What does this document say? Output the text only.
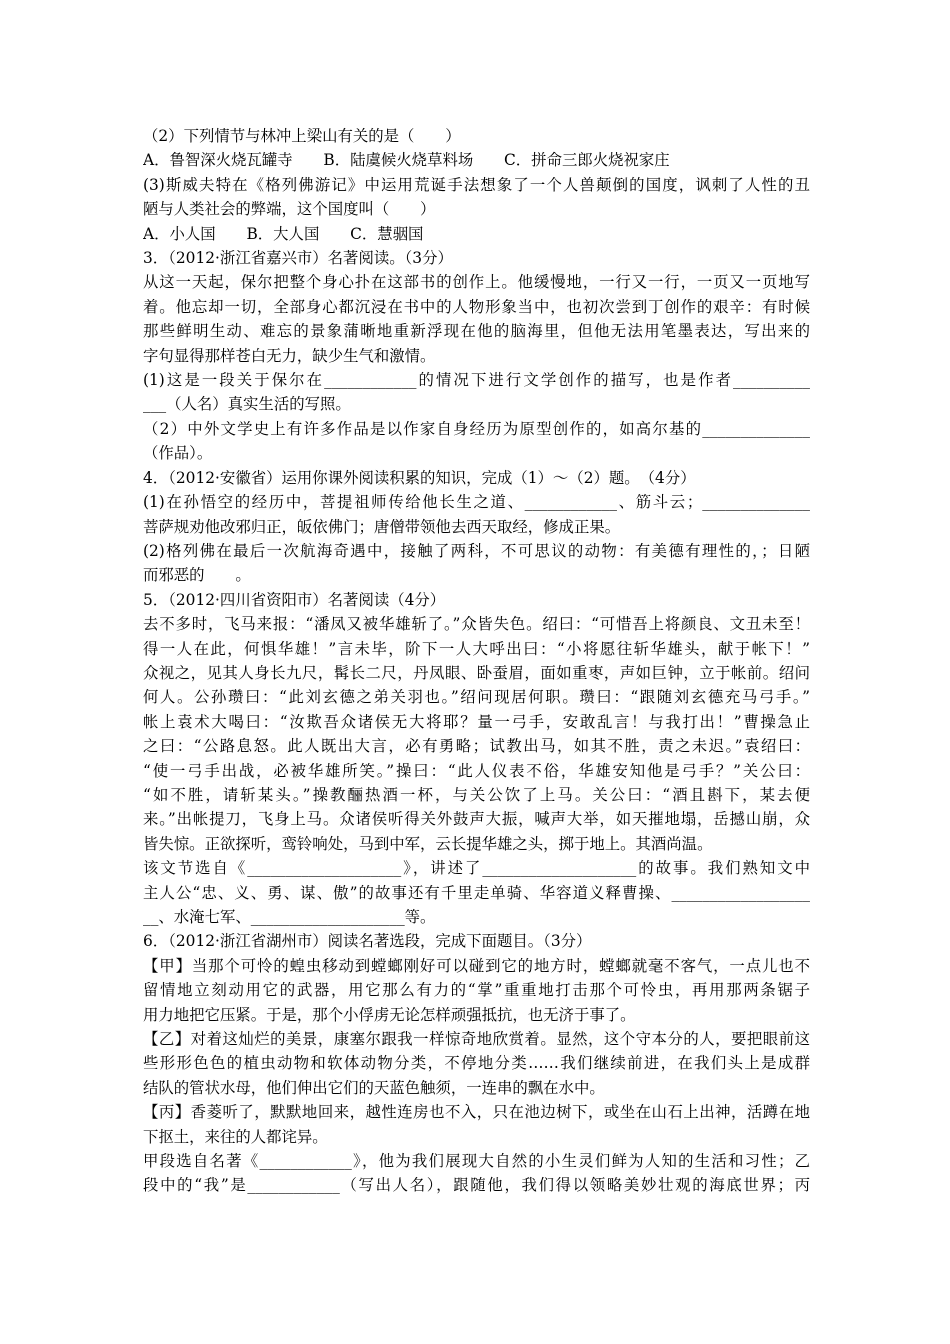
（2）下列情节与林冲上梁山有关的是（　　）
A．鲁智深火烧瓦罐寺　　B．陆虞候火烧草料场　　C．拼命三郎火烧祝家庄
(3)斯威夫特在《格列佛游记》中运用荒诞手法想象了一个人兽颠倒的国度，讽刺了人性的丑
陋与人类社会的弊端，这个国度叫（　　）
A．小人国　　B．大人国　　C．慧骃国
3．（2012·浙江省嘉兴市）名著阅读。（3分）
从这一天起，保尔把整个身心扑在这部书的创作上。他缓慢地，一行又一行，一页又一页地写
着。他忘却一切，全部身心都沉浸在书中的人物形象当中，也初次尝到丁创作的艰辛：有时候
那些鲜明生动、难忘的景象蒲晰地重新浮现在他的脑海里，但他无法用笔墨表达，写出来的
字句显得那样苍白无力，缺少生气和激情。
(1)这是一段关于保尔在____________的情况下进行文学创作的描写，也是作者__________
___（人名）真实生活的写照。
（2）中外文学史上有许多作品是以作家自身经历为原型创作的，如高尔基的______________
（作品）。
4．（2012·安徽省）运用你课外阅读积累的知识，完成（1）～（2）题。　（4分）
(1)在孙悟空的经历中，菩提祖师传给他长生之道、____________、筋斗云；______________
菩萨规劝他改邪归正，皈依佛门；唐僧带领他去西天取经，修成正果。
(2)格列佛在最后一次航海奇遇中，接触了两科，不可思议的动物：有美德有理性的，；日陋
而邪恶的　　。
5．（2012·四川省资阳市）名著阅读（4分）
去不多时，飞马来报：“潘凤又被华雄斩了。”众皆失色。绍曰：“可惜吾上将颜良、文丑未至！
得一人在此，何惧华雄！”言未毕，阶下一人大呼出曰：“小将愿往斩华雄头，献于帐下！”
众视之，见其人身长九尺，髯长二尺，丹凤眼、卧蚕眉，面如重枣，声如巨钟，立于帐前。绍问
何人。公孙瓒曰：“此刘玄德之弟关羽也。”绍问现居何职。瓒曰：“跟随刘玄德充马弓手。”
帐上袁术大喝曰：“汝欺吾众诸侯无大将耶？量一弓手，安敢乱言！与我打出！”曹操急止
之曰：“公路息怒。此人既出大言，必有勇略；试教出马，如其不胜，责之未迟。”袁绍曰：
“使一弓手出战，必被华雄所笑。”操曰：“此人仪表不俗，华雄安知他是弓手？”关公曰：
“如不胜，请斩某头。”操教酾热酒一杯，与关公饮了上马。关公曰：“酒且斟下，某去便
来。”出帐提刀，飞身上马。众诸侯听得关外鼓声大振，喊声大举，如天摧地塌，岳撼山崩，众
皆失惊。正欲探听，鸾铃响处，马到中军，云长提华雄之头，掷于地上。其酒尚温。
该文节选自《____________________》，讲述了____________________的故事。我们熟知文中
主人公“忠、义、勇、谋、傲”的故事还有千里走单骑、华容道义释曹操、__________________
__、水淹七军、____________________等。
6．（2012·浙江省湖州市）阅读名著选段，完成下面题目。（3分）
【甲】当那个可怜的蝗虫移动到螳螂刚好可以碰到它的地方时，螳螂就毫不客气，一点儿也不
留情地立刻动用它的武器，用它那么有力的“掌”重重地打击那个可怜虫，再用那两条锯子
用力地把它压紧。于是，那个小俘虏无论怎样顽强抵抗，也无济于事了。
【乙】对着这灿烂的美景，康塞尔跟我一样惊奇地欣赏着。显然，这个守本分的人，要把眼前这
些形形色色的植虫动物和软体动物分类，不停地分类……我们继续前进，在我们头上是成群
结队的管状水母，他们伸出它们的天蓝色触须，一连串的飘在水中。
【丙】香菱听了，默默地回来，越性连房也不入，只在池边树下，或坐在山石上出神，活蹲在地
下抠土，来往的人都诧异。
甲段选自名著《____________》，他为我们展现大自然的小生灵们鲜为人知的生活和习性；乙
段中的“我”是____________（写出人名），跟随他，我们得以领略美妙壮观的海底世界；丙
